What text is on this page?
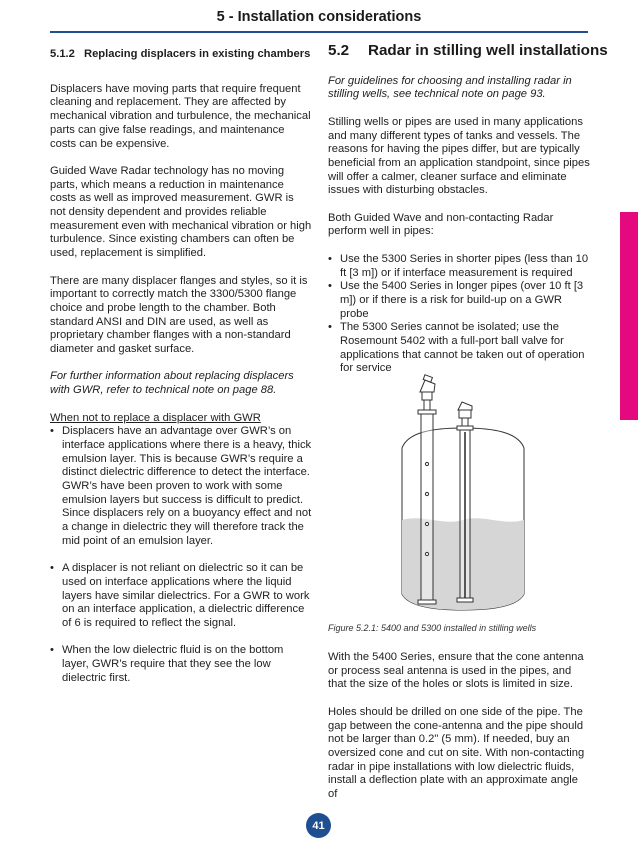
5 - Installation considerations
5.1.2 Replacing displacers in existing chambers

Displacers have moving parts that require frequent cleaning and replacement. They are affected by mechanical vibration and turbulence, the mechanical parts can give false readings, and maintenance costs can be expensive.

Guided Wave Radar technology has no moving parts, which means a reduction in maintenance costs as well as improved measurement. GWR is not density dependent and provides reliable measurement even with mechanical vibration or high turbulence. Since existing chambers can often be used, replacement is simplified.

There are many displacer flanges and styles, so it is important to correctly match the 3300/5300 flange choice and probe length to the chamber. Both standard ANSI and DIN are used, as well as proprietary chamber flanges with a non-standard diameter and gasket surface.

For further information about replacing displacers with GWR, refer to technical note on page 88.

When not to replace a displacer with GWR

• Displacers have an advantage over GWR’s on interface applications where there is a heavy, thick emulsion layer. This is because GWR’s require a distinct dielectric difference to detect the interface. GWR’s have been proven to work with some emulsion layers but success is difficult to predict. Since displacers rely on a buoyancy effect and not a change in dielectric they will therefore track the mid point of an emulsion layer.
• A displacer is not reliant on dielectric so it can be used on interface applications where the liquid layers have similar dielectrics. For a GWR to work on an interface application, a dielectric difference of 6 is required to reflect the signal.
• When the low dielectric fluid is on the bottom layer, GWR’s require that they see the low dielectric first.
5.2 Radar in stilling well installations

For guidelines for choosing and installing radar in stilling wells, see technical note on page 93.

Stilling wells or pipes are used in many applications and many different types of tanks and vessels. The reasons for having the pipes differ, but are typically beneficial from an application standpoint, since pipes will offer a calmer, cleaner surface and eliminate issues with disturbing obstacles.

Both Guided Wave and non-contacting Radar perform well in pipes:

• Use the 5300 Series in shorter pipes (less than 10 ft [3 m]) or if interface measurement is required
• Use the 5400 Series in longer pipes (over 10 ft [3 m]) or if there is a risk for build-up on a GWR probe
• The 5300 Series cannot be isolated; use the Rosemount 5402 with a full-port ball valve for applications that cannot be taken out of operation for service
Figure 5.2.1: 5400 and 5300 installed in stilling wells

With the 5400 Series, ensure that the cone antenna or process seal antenna is used in the pipes, and that the size of the holes or slots is limited in size.

Holes should be drilled on one side of the pipe. The gap between the cone-antenna and the pipe should not be larger than 0.2" (5 mm). If needed, buy an oversized cone and cut on site. With non-contacting radar in pipe installations with low dielectric fluids, install a deflection plate with an approximate angle of

41
